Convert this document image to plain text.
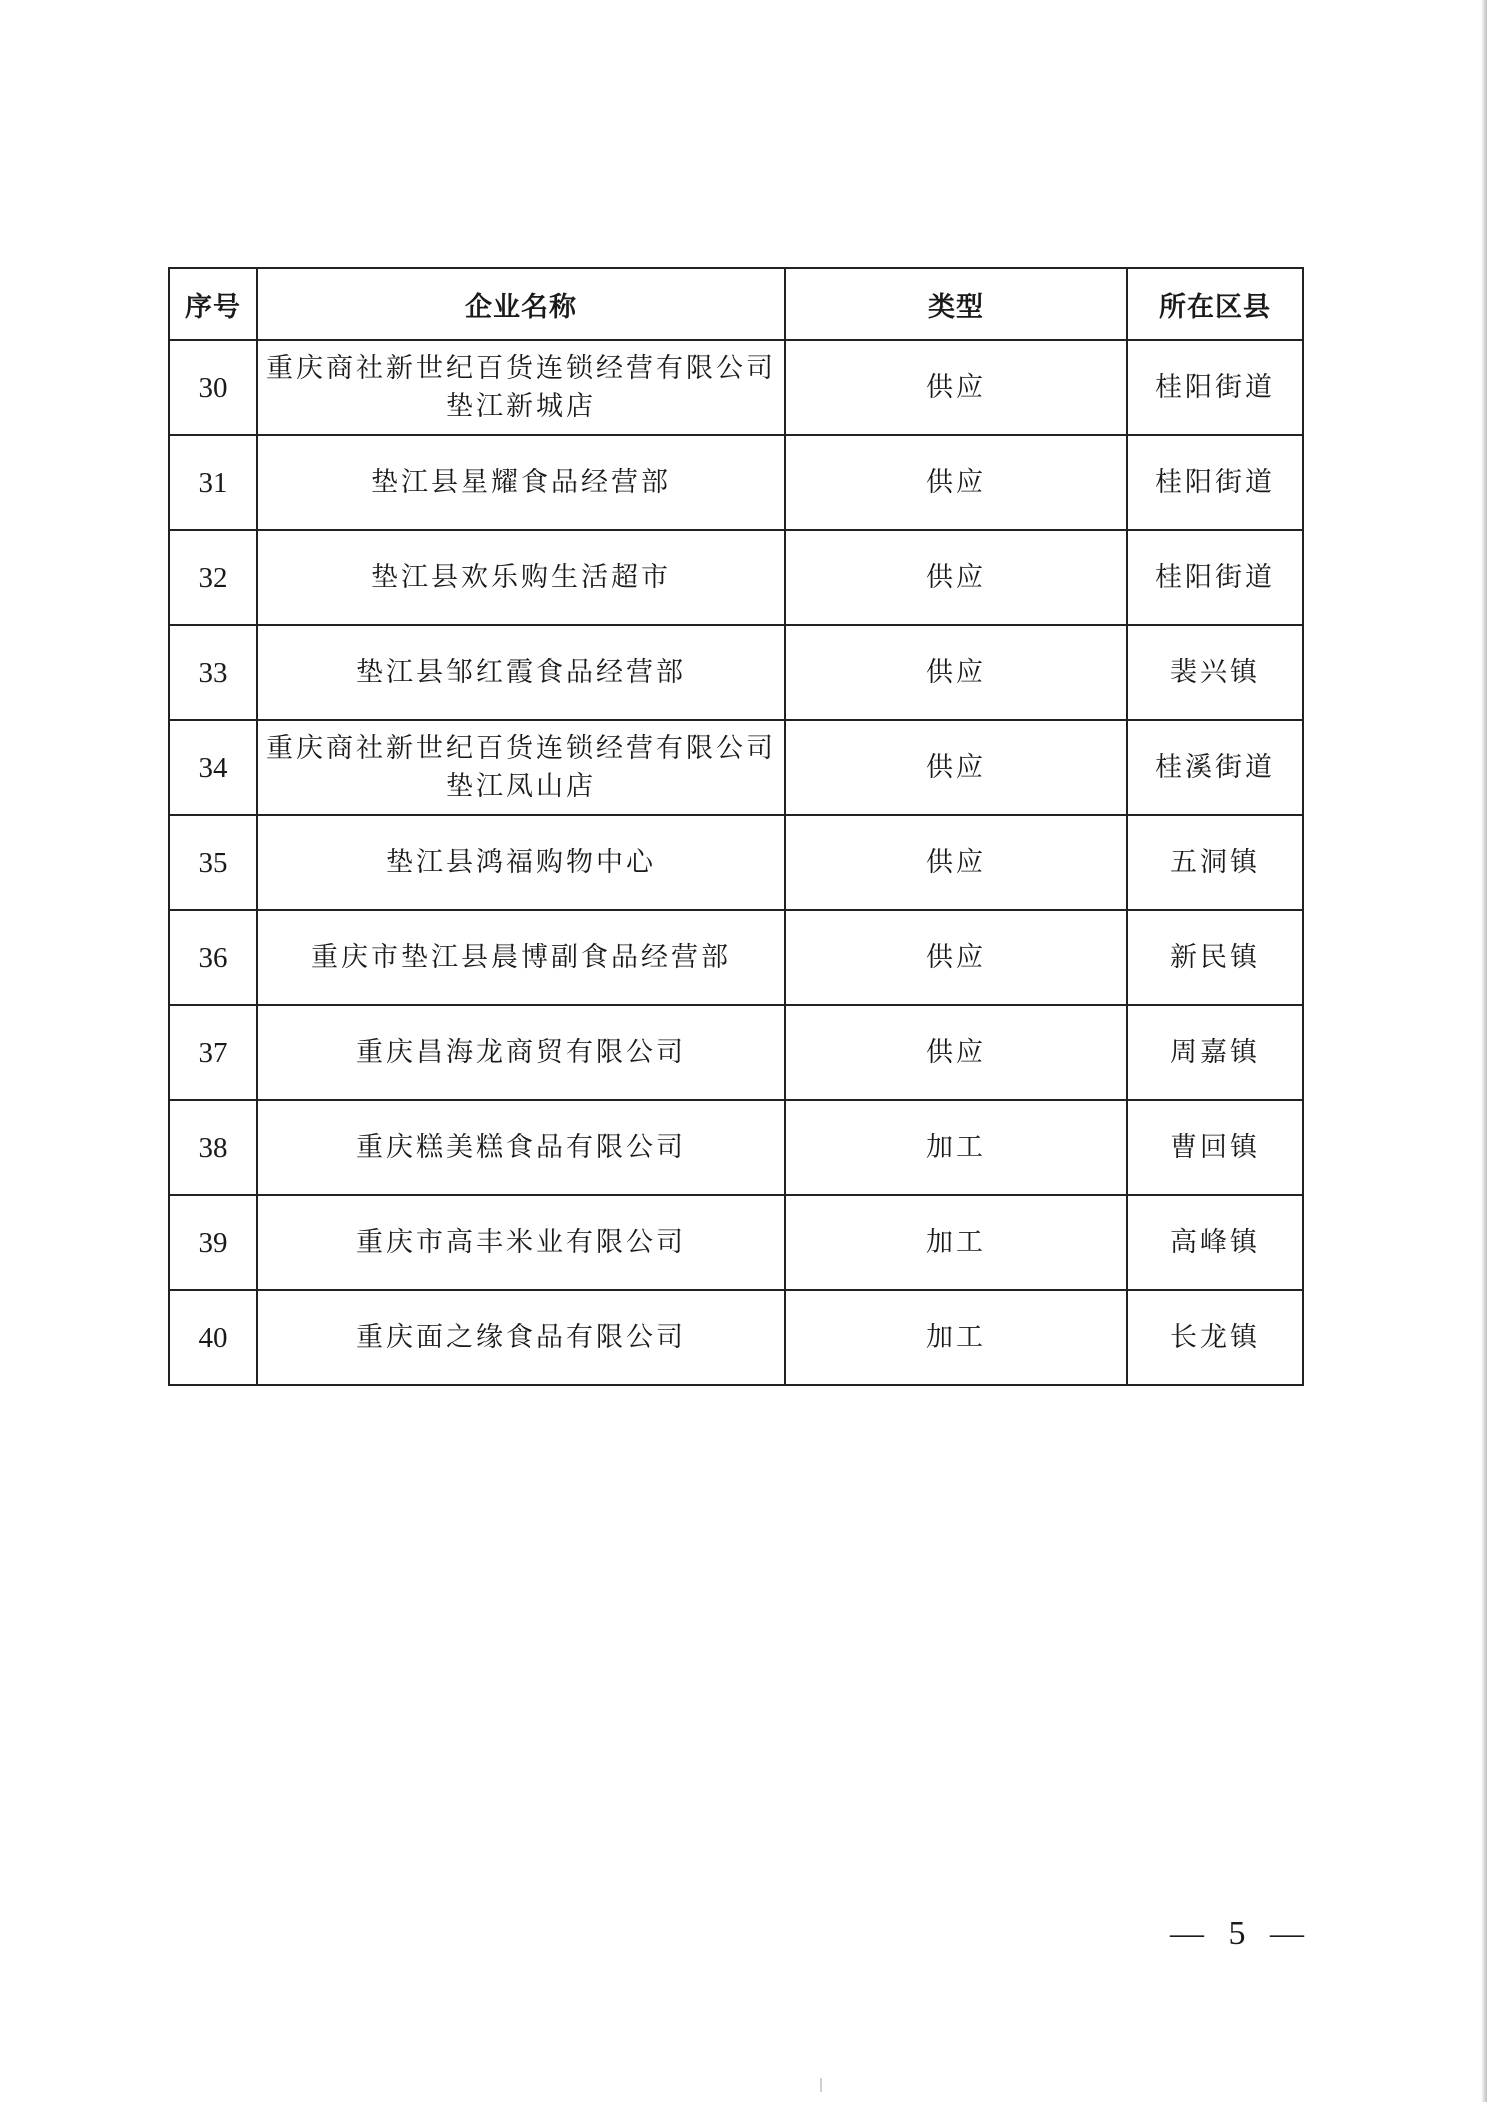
序号	企业名称	类型	所在区县
30	重庆商社新世纪百货连锁经营有限公司垫江新城店	供应	桂阳街道
31	垫江县星耀食品经营部	供应	桂阳街道
32	垫江县欢乐购生活超市	供应	桂阳街道
33	垫江县邹红霞食品经营部	供应	裴兴镇
34	重庆商社新世纪百货连锁经营有限公司垫江凤山店	供应	桂溪街道
35	垫江县鸿福购物中心	供应	五洞镇
36	重庆市垫江县晨博副食品经营部	供应	新民镇
37	重庆昌海龙商贸有限公司	供应	周嘉镇
38	重庆糕美糕食品有限公司	加工	曹回镇
39	重庆市高丰米业有限公司	加工	高峰镇
40	重庆面之缘食品有限公司	加工	长龙镇
— 5 —
